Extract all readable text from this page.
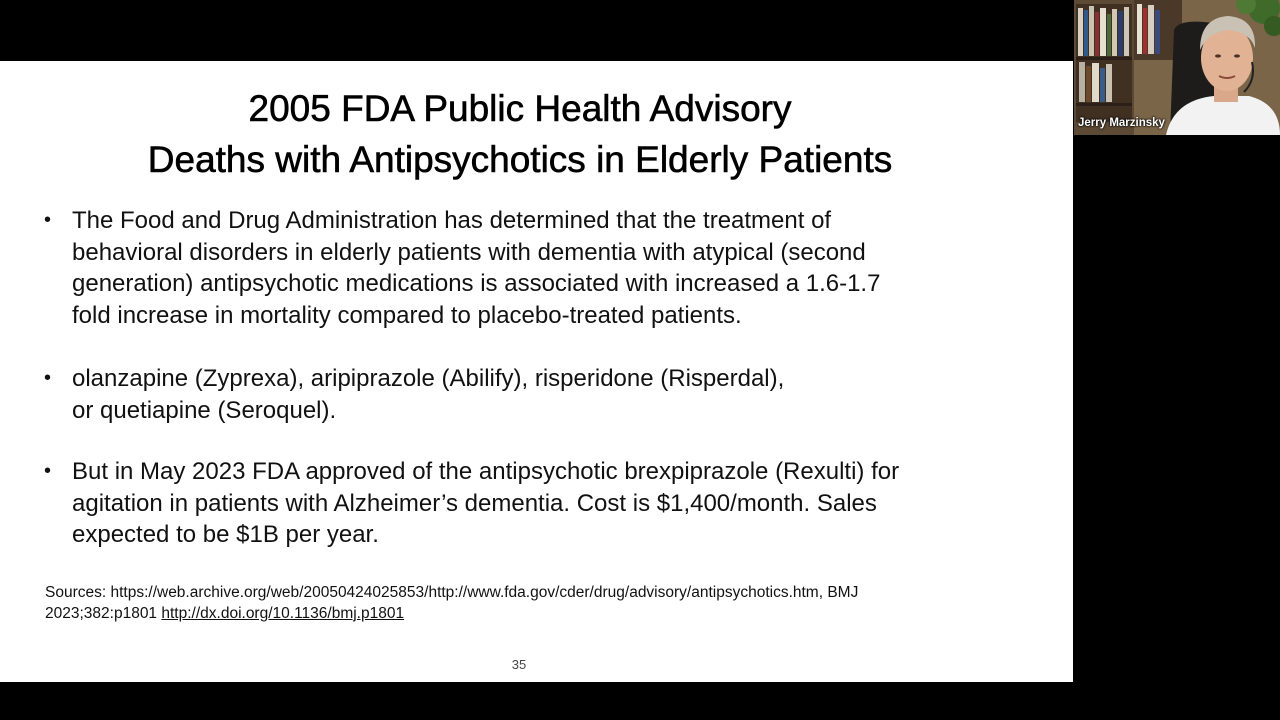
2005 FDA Public Health Advisory
Deaths with Antipsychotics in Elderly Patients
• The Food and Drug Administration has determined that the treatment of
behavioral disorders in elderly patients with dementia with atypical (second
generation) antipsychotic medications is associated with increased a 1.6-1.7
fold increase in mortality compared to placebo-treated patients.
• olanzapine (Zyprexa), aripiprazole (Abilify), risperidone (Risperdal),
or quetiapine (Seroquel).
• But in May 2023 FDA approved of the antipsychotic brexpiprazole (Rexulti) for
agitation in patients with Alzheimer’s dementia. Cost is $1,400/month. Sales
expected to be $1B per year.
Sources: https://web.archive.org/web/20050424025853/http://www.fda.gov/cder/drug/advisory/antipsychotics.htm, BMJ
2023;382:p1801 http://dx.doi.org/10.1136/bmj.p1801
35
Jerry Marzinsky
